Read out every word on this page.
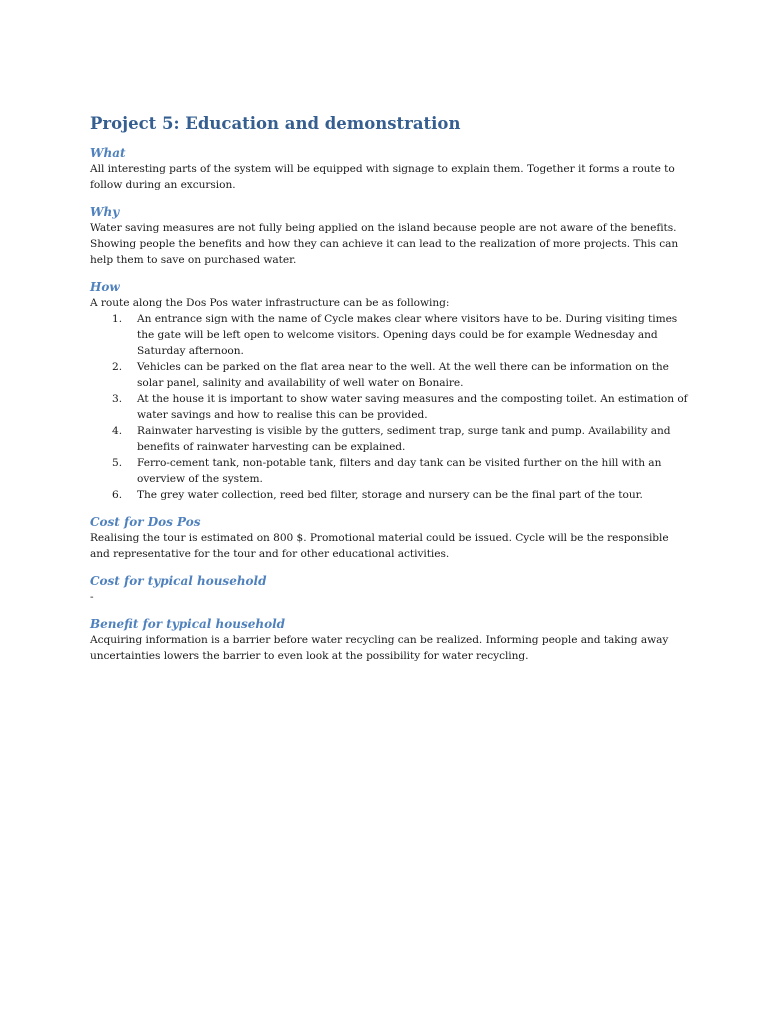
Project 5: Education and demonstration
What

All interesting parts of the system will be equipped with signage to explain them. Together it forms a route to follow during an excursion.

Why

Water saving measures are not fully being applied on the island because people are not aware of the benefits. Showing people the benefits and how they can achieve it can lead to the realization of more projects. This can help them to save on purchased water.

How

A route along the Dos Pos water infrastructure can be as following:

1. An entrance sign with the name of Cycle makes clear where visitors have to be. During visiting times the gate will be left open to welcome visitors. Opening days could be for example Wednesday and Saturday afternoon.
2. Vehicles can be parked on the flat area near to the well. At the well there can be information on the solar panel, salinity and availability of well water on Bonaire.
3. At the house it is important to show water saving measures and the composting toilet. An estimation of water savings and how to realise this can be provided.
4. Rainwater harvesting is visible by the gutters, sediment trap, surge tank and pump. Availability and benefits of rainwater harvesting can be explained.
5. Ferro-cement tank, non-potable tank, filters and day tank can be visited further on the hill with an overview of the system.
6. The grey water collection, reed bed filter, storage and nursery can be the final part of the tour.
Cost for Dos Pos

Realising the tour is estimated on 800 $. Promotional material could be issued. Cycle will be the responsible and representative for the tour and for other educational activities.

Cost for typical household

-

Benefit for typical household

Acquiring information is a barrier before water recycling can be realized. Informing people and taking away uncertainties lowers the barrier to even look at the possibility for water recycling.
